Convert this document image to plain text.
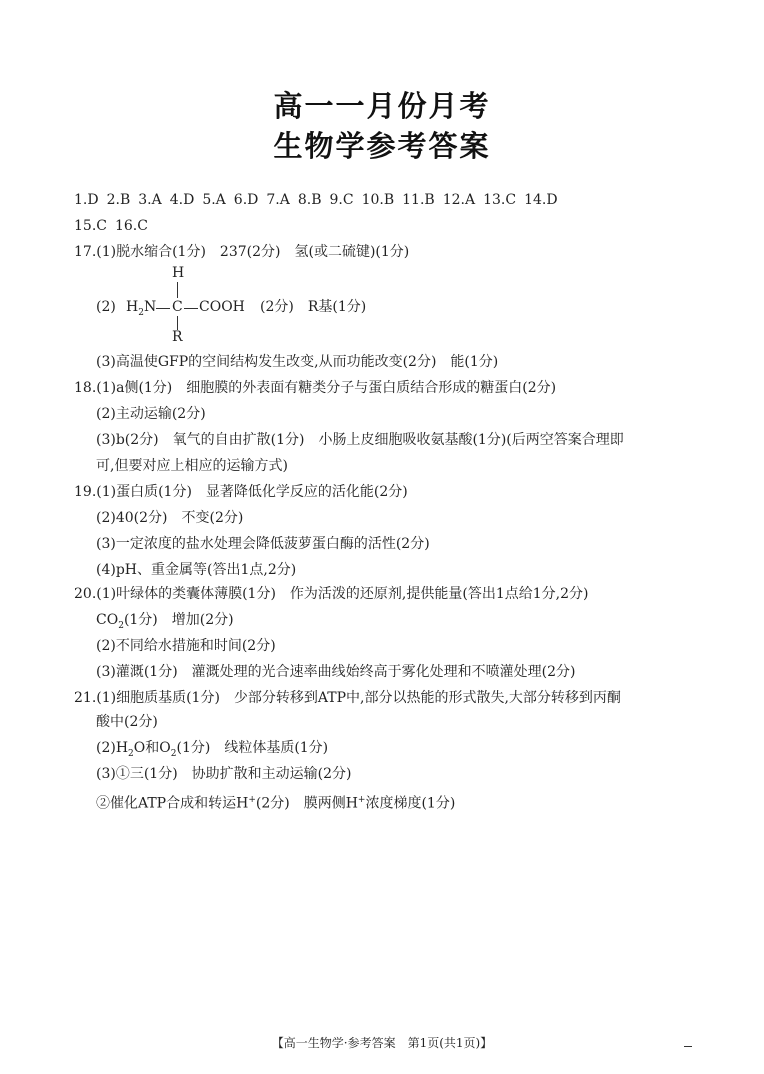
高一一月份月考
生物学参考答案
1.D 2.B 3.A 4.D 5.A 6.D 7.A 8.B 9.C 10.B 11.B 12.A 13.C 14.D
15.C 16.C
17.(1)脱水缩合(1分)　237(2分)　氢(或二硫键)(1分)
(2)
H
$H_2N$ C COOH
R
(2分)　R基(1分)
(3)高温使GFP的空间结构发生改变,从而功能改变(2分)　能(1分)
18.(1)a侧(1分)　细胞膜的外表面有糖类分子与蛋白质结合形成的糖蛋白(2分)
(2)主动运输(2分)
(3)b(2分)　氧气的自由扩散(1分)　小肠上皮细胞吸收氨基酸(1分)(后两空答案合理即
可,但要对应上相应的运输方式)
19.(1)蛋白质(1分)　显著降低化学反应的活化能(2分)
(2)40(2分)　不变(2分)
(3)一定浓度的盐水处理会降低菠萝蛋白酶的活性(2分)
(4)pH、重金属等(答出1点,2分)
20.(1)叶绿体的类囊体薄膜(1分)　作为活泼的还原剂,提供能量(答出1点给1分,2分)
$CO_2(1$分)　增加(2分)
(2)不同给水措施和时间(2分)
(3)灌溉(1分)　灌溉处理的光合速率曲线始终高于雾化处理和不喷灌处理(2分)
21.(1)细胞质基质(1分)　少部分转移到ATP中,部分以热能的形式散失,大部分转移到丙酮
酸中(2分)
$(2)H_2O$和$O_2(1$分)　线粒体基质(1分)
(3)①三(1分)　协助扩散和主动运输(2分)
②催化ATP合成和转运H+(2分)　膜两侧H+浓度梯度(1分)
【高一生物学·参考答案　第1页(共1页)】
